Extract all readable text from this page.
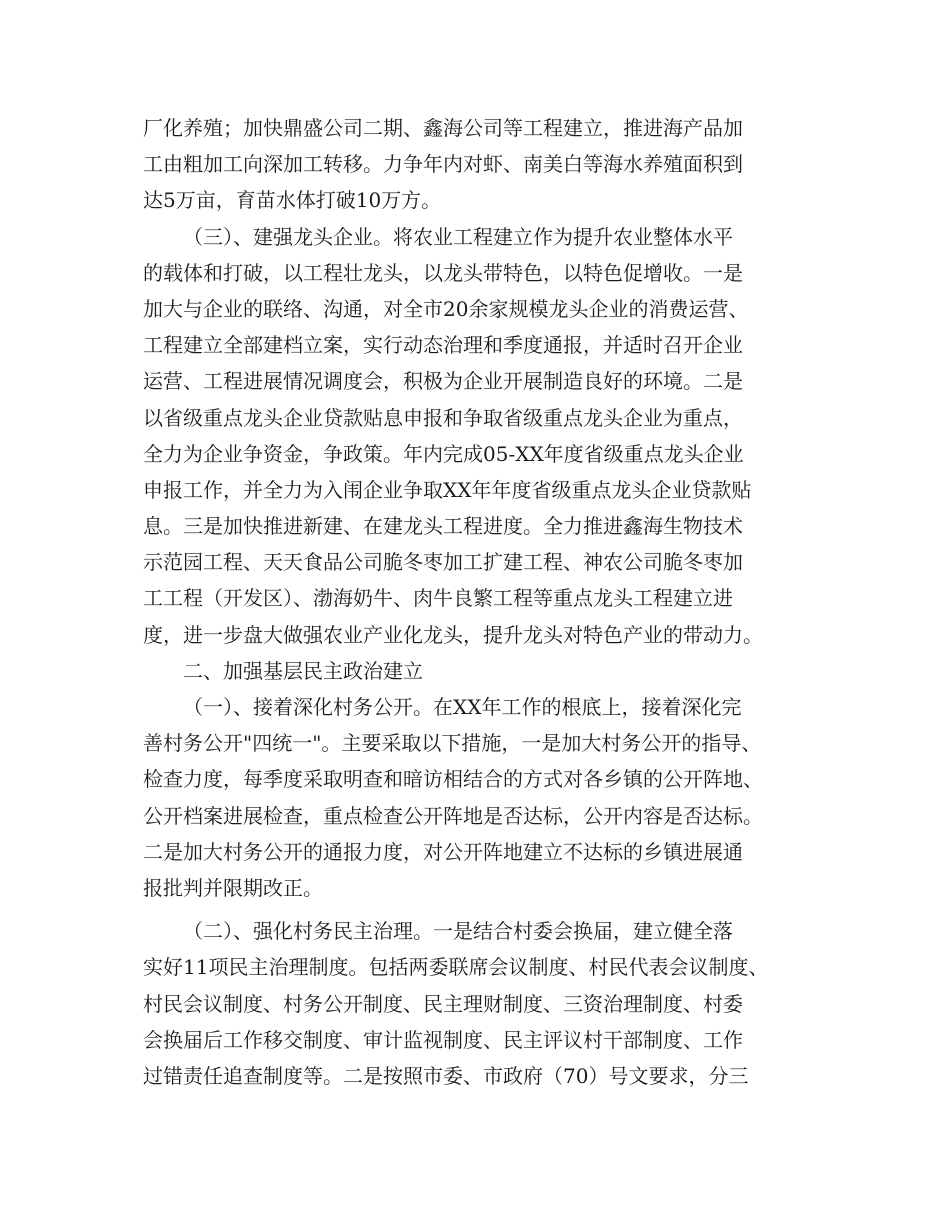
厂化养殖；加快鼎盛公司二期、鑫海公司等工程建立，推进海产品加
工由粗加工向深加工转移。力争年内对虾、南美白等海水养殖面积到
达5万亩，育苗水体打破10万方。
（三）、建强龙头企业。将农业工程建立作为提升农业整体水平
的载体和打破，以工程壮龙头，以龙头带特色，以特色促增收。一是
加大与企业的联络、沟通，对全市20余家规模龙头企业的消费运营、
工程建立全部建档立案，实行动态治理和季度通报，并适时召开企业
运营、工程进展情况调度会，积极为企业开展制造良好的环境。二是
以省级重点龙头企业贷款贴息申报和争取省级重点龙头企业为重点，
全力为企业争资金，争政策。年内完成05-XX年度省级重点龙头企业
申报工作，并全力为入闱企业争取XX年年度省级重点龙头企业贷款贴
息。三是加快推进新建、在建龙头工程进度。全力推进鑫海生物技术
示范园工程、天天食品公司脆冬枣加工扩建工程、神农公司脆冬枣加
工工程（开发区）、渤海奶牛、肉牛良繁工程等重点龙头工程建立进
度，进一步盘大做强农业产业化龙头，提升龙头对特色产业的带动力。
二、加强基层民主政治建立
（一）、接着深化村务公开。在XX年工作的根底上，接着深化完
善村务公开"四统一"。主要采取以下措施，一是加大村务公开的指导、
检查力度，每季度采取明查和暗访相结合的方式对各乡镇的公开阵地、
公开档案进展检查，重点检查公开阵地是否达标，公开内容是否达标。
二是加大村务公开的通报力度，对公开阵地建立不达标的乡镇进展通
报批判并限期改正。
（二）、强化村务民主治理。一是结合村委会换届，建立健全落
实好11项民主治理制度。包括两委联席会议制度、村民代表会议制度、
村民会议制度、村务公开制度、民主理财制度、三资治理制度、村委
会换届后工作移交制度、审计监视制度、民主评议村干部制度、工作
过错责任追查制度等。二是按照市委、市政府（70）号文要求，分三
